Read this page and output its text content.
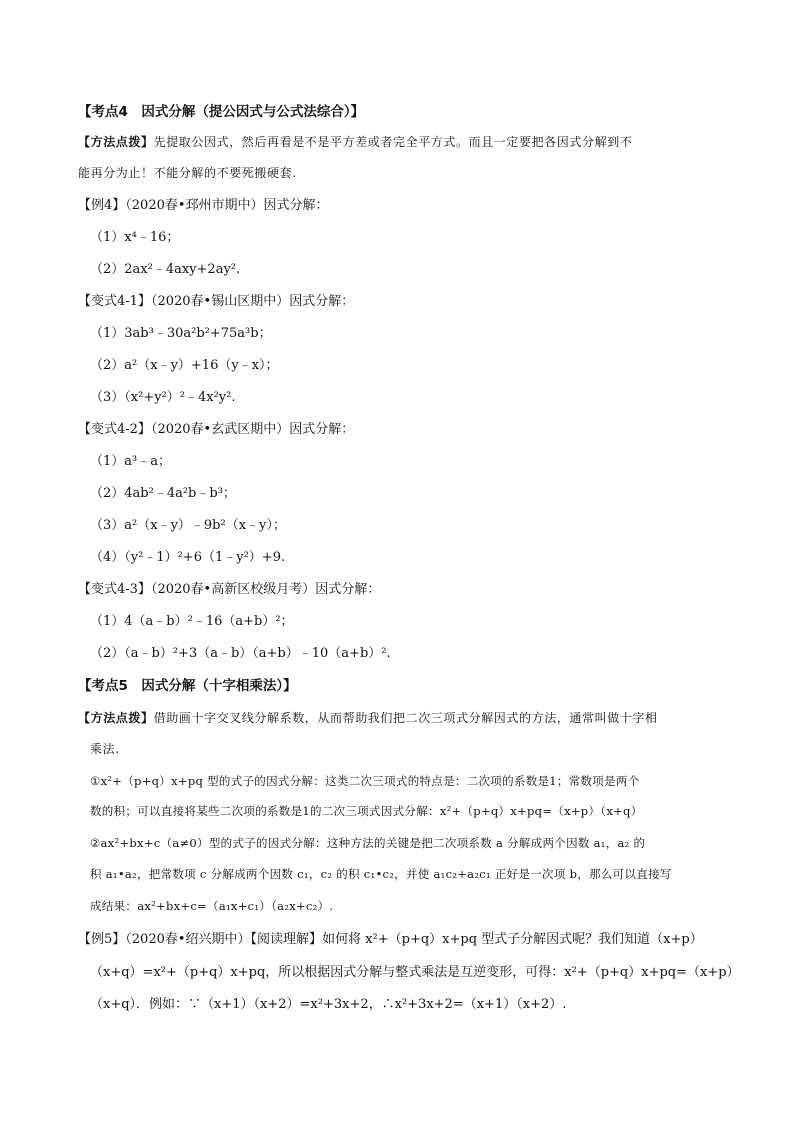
【考点4　因式分解（提公因式与公式法综合）】
【方法点拨】先提取公因式，然后再看是不是平方差或者完全平方式。而且一定要把各因式分解到不
能再分为止！不能分解的不要死搬硬套.
【例4】（2020春•邳州市期中）因式分解：
（1）x⁴﹣16；
（2）2ax²﹣4axy+2ay².
【变式4-1】（2020春•锡山区期中）因式分解：
（1）3ab³﹣30a²b²+75a³b；
（2）a²（x﹣y）+16（y﹣x）；
（3）（x²+y²）²﹣4x²y².
【变式4-2】（2020春•玄武区期中）因式分解：
（1）a³﹣a；
（2）4ab²﹣4a²b﹣b³；
（3）a²（x﹣y）﹣9b²（x﹣y）；
（4）（y²﹣1）²+6（1﹣y²）+9.
【变式4-3】（2020春•高新区校级月考）因式分解：
（1）4（a﹣b）²﹣16（a+b）²；
（2）（a﹣b）²+3（a﹣b）（a+b）﹣10（a+b）².
【考点5　因式分解（十字相乘法）】
【方法点拨】借助画十字交叉线分解系数，从而帮助我们把二次三项式分解因式的方法，通常叫做十字相
乘法.
①x²+（p+q）x+pq 型的式子的因式分解：这类二次三项式的特点是：二次项的系数是1；常数项是两个
数的积；可以直接将某些二次项的系数是1的二次三项式因式分解：x²+（p+q）x+pq=（x+p）（x+q）
②ax²+bx+c（a≠0）型的式子的因式分解：这种方法的关键是把二次项系数 a 分解成两个因数 a₁，a₂ 的
积 a₁•a₂，把常数项 c 分解成两个因数 c₁，c₂ 的积 c₁•c₂，并使 a₁c₂+a₂c₁ 正好是一次项 b，那么可以直接写
成结果：ax²+bx+c=（a₁x+c₁）（a₂x+c₂）.
【例5】（2020春•绍兴期中）【阅读理解】如何将 x²+（p+q）x+pq 型式子分解因式呢？我们知道（x+p）
（x+q）=x²+（p+q）x+pq，所以根据因式分解与整式乘法是互逆变形，可得：x²+（p+q）x+pq=（x+p）
（x+q）．例如：∵（x+1）（x+2）=x²+3x+2，∴x²+3x+2=（x+1）（x+2）.
